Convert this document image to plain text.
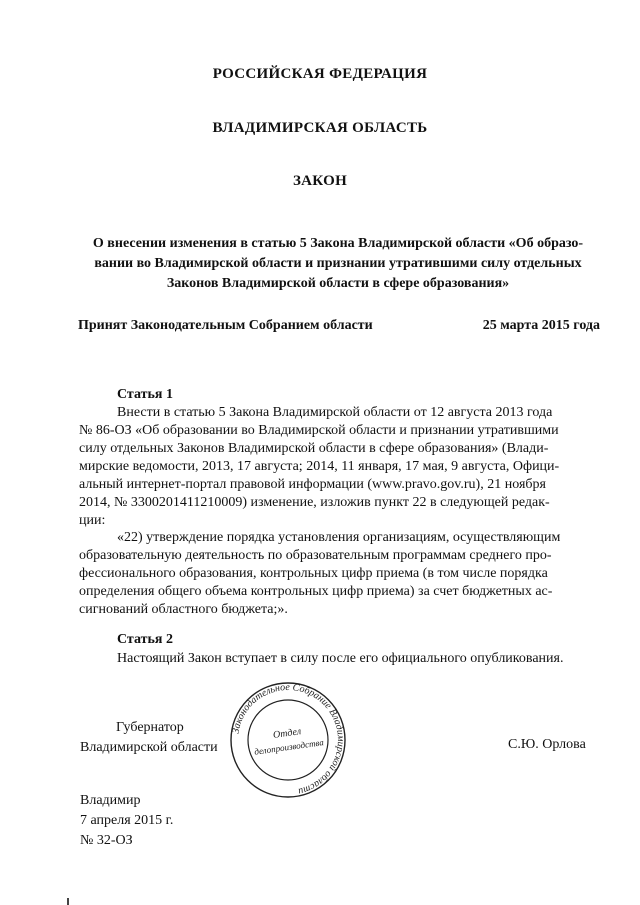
РОССИЙСКАЯ ФЕДЕРАЦИЯ
ВЛАДИМИРСКАЯ ОБЛАСТЬ
ЗАКОН
О внесении изменения в статью 5 Закона Владимирской области «Об образо-
вании во Владимирской области и признании утратившими силу отдельных
Законов Владимирской области в сфере образования»
Принят Законодательным Собранием области	25 марта 2015 года
Статья 1
Внести в статью 5 Закона Владимирской области от 12 августа 2013 года
№ 86-ОЗ «Об образовании во Владимирской области и признании утратившими
силу отдельных Законов Владимирской области в сфере образования» (Влади-
мирские ведомости, 2013, 17 августа; 2014, 11 января, 17 мая, 9 августа, Офици-
альный интернет-портал правовой информации (www.pravo.gov.ru), 21 ноября
2014, № 3300201411210009) изменение, изложив пункт 22 в следующей редак-
ции:
«22) утверждение порядка установления организациям, осуществляющим
образовательную деятельность по образовательным программам среднего про-
фессионального образования, контрольных цифр приема (в том числе порядка
определения общего объема контрольных цифр приема) за счет бюджетных ас-
сигнований областного бюджета;».
Статья 2
Настоящий Закон вступает в силу после его официального опубликования.
Губернатор
Владимирской области	С.Ю. Орлова
Законодательное Собрание Владимирской области
Отдел
делопроизводства
Владимир
7 апреля 2015 г.
№ 32-ОЗ
